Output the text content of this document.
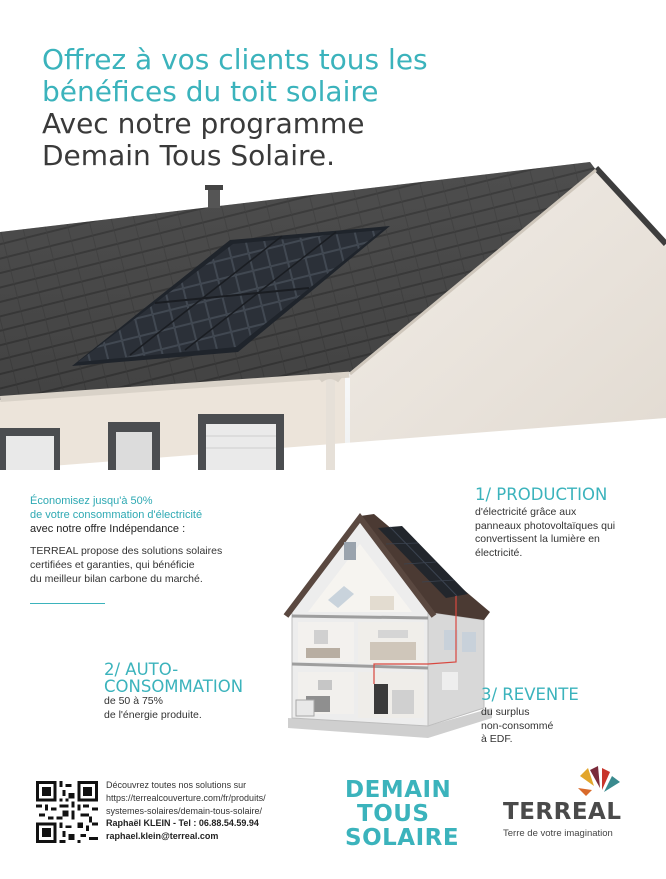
Offrez à vos clients tous les
bénéfices du toit solaire
Avec notre programme
Demain Tous Solaire.
Économisez jusqu'à 50%
de votre consommation d'électricité
avec notre offre Indépendance :
TERREAL propose des solutions solaires
certifiées et garanties, qui bénéficie
du meilleur bilan carbone du marché.
1/ PRODUCTION
d'électricité grâce aux
panneaux photovoltaïques qui
convertissent la lumière en
électricité.
2/ AUTO-
CONSOMMATION
de 50 à 75%
de l'énergie produite.
3/ REVENTE
du surplus
non-consommé
à EDF.
Découvrez toutes nos solutions sur
https://terrealcouverture.com/fr/produits/
systemes-solaires/demain-tous-solaire/
Raphaël KLEIN - Tel : 06.88.54.59.94
raphael.klein@terreal.com
DEMAIN
TOUS
SOLAIRE
TERREAL
Terre de votre imagination
